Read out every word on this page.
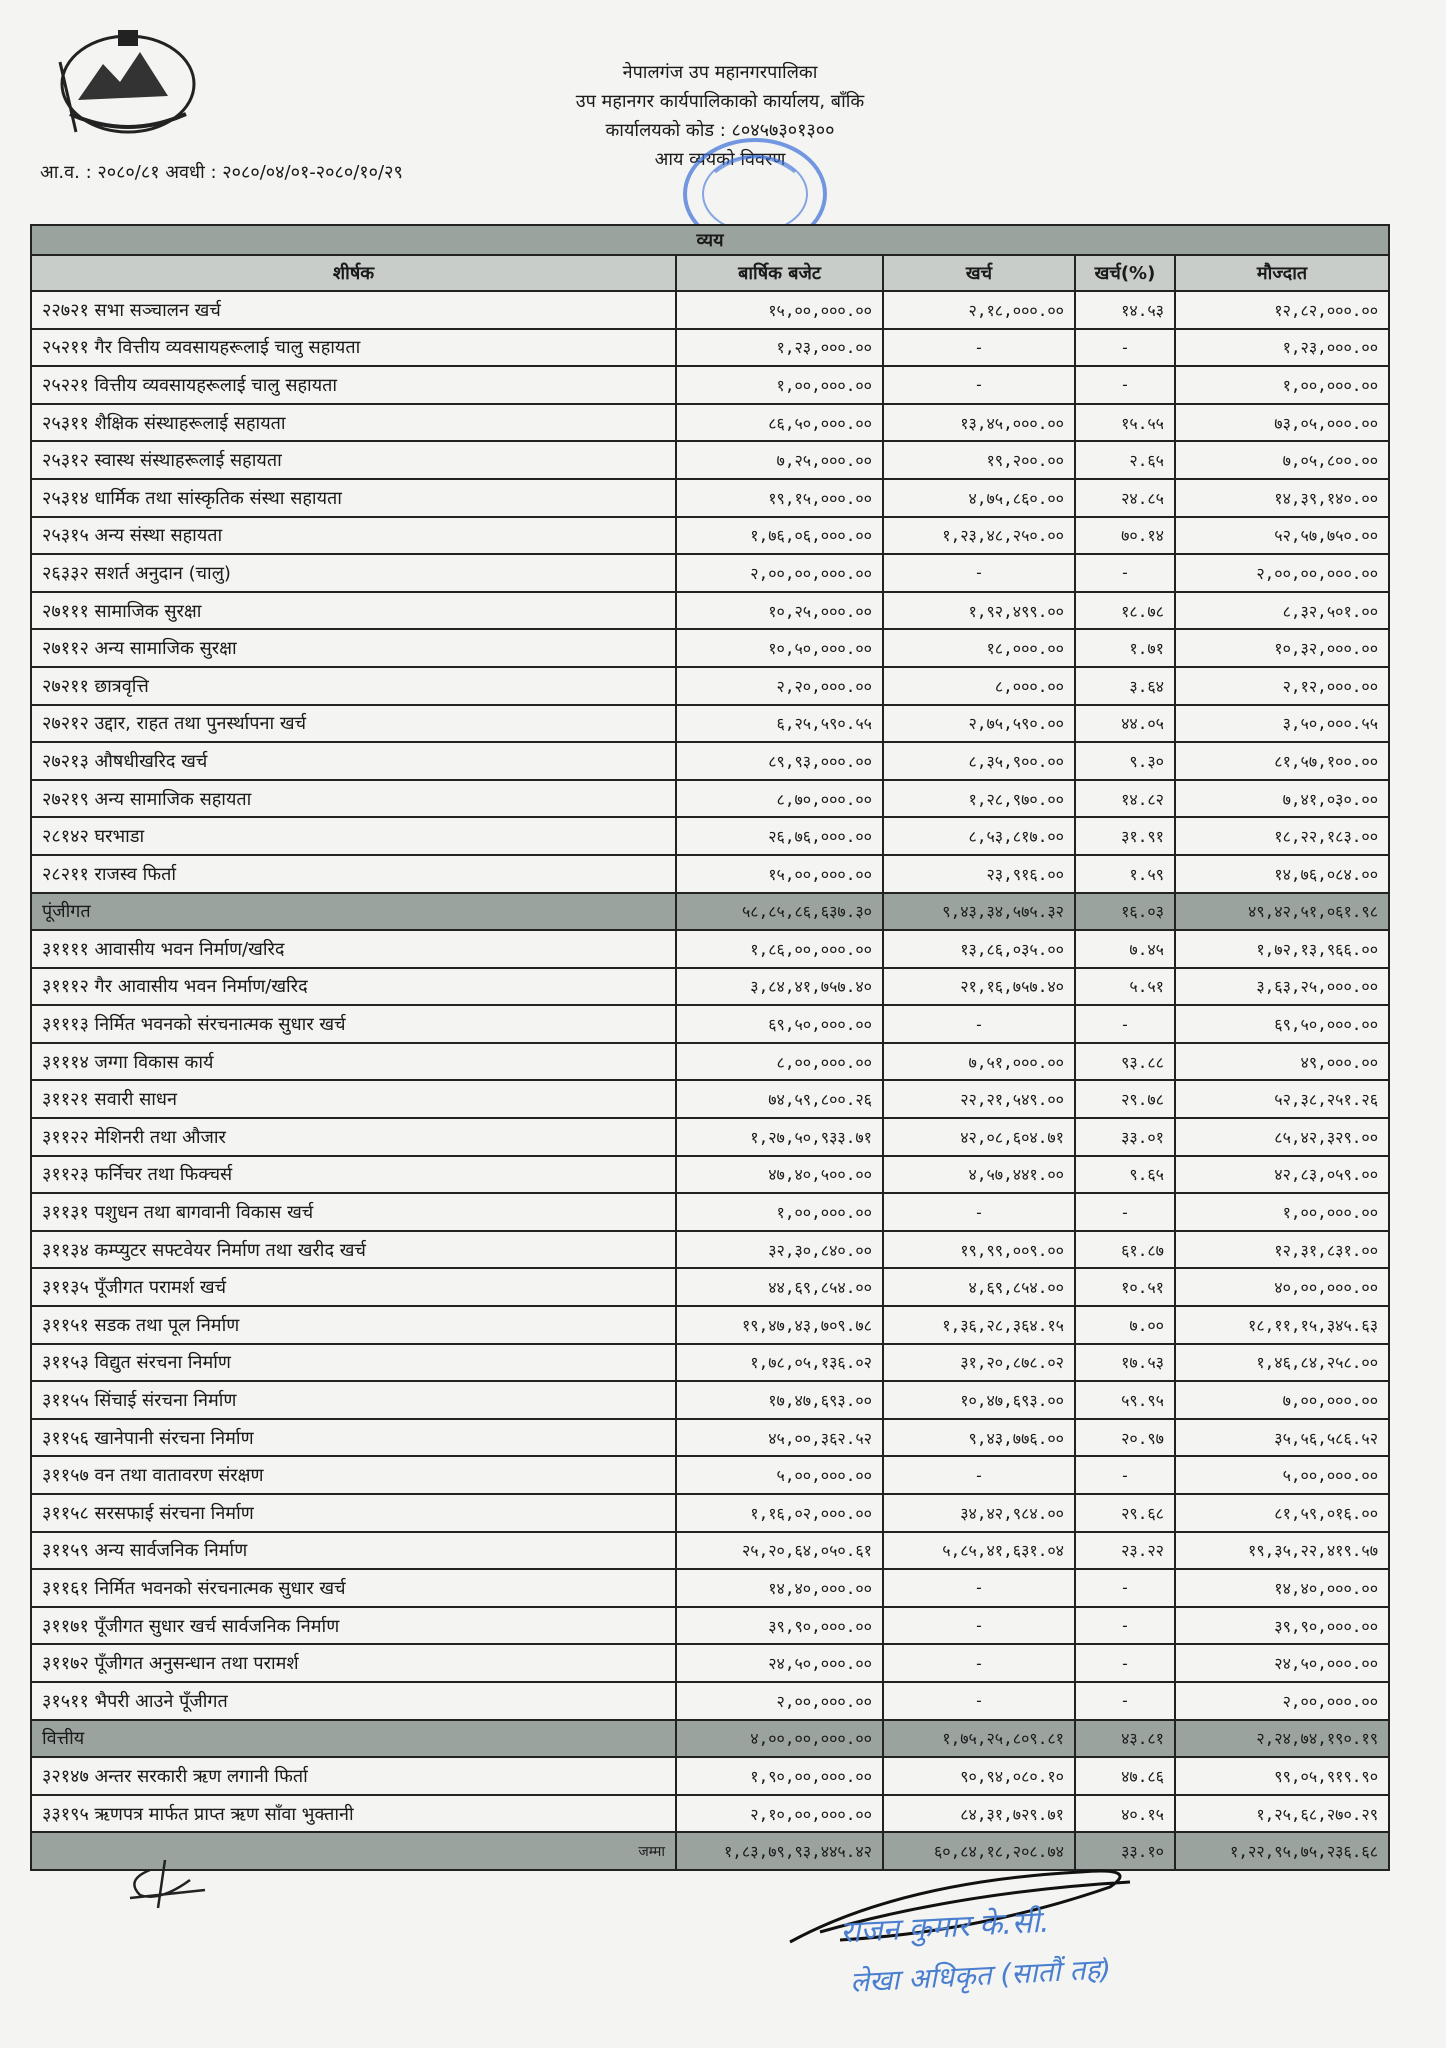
नेपालगंज उप महानगरपालिका
उप महानगर कार्यपालिकाको कार्यालय, बाँकि
कार्यालयको कोड : ८०४५७३०१३००
आय व्ययको विवरण
आ.व. : २०८०/८१ अवधी : २०८०/०४/०१-२०८०/१०/२९
व्यय				
शीर्षक	बार्षिक बजेट	खर्च	खर्च(%)	मौज्दात
२२७२१ सभा सञ्चालन खर्च	१५,००,०००.००	२,१८,०००.००	१४.५३	१२,८२,०००.००
२५२११ गैर वित्तीय व्यवसायहरूलाई चालु सहायता	१,२३,०००.००	-	-	१,२३,०००.००
२५२२१ वित्तीय व्यवसायहरूलाई चालु सहायता	१,००,०००.००	-	-	१,००,०००.००
२५३११ शैक्षिक संस्थाहरूलाई सहायता	८६,५०,०००.००	१३,४५,०००.००	१५.५५	७३,०५,०००.००
२५३१२ स्वास्थ संस्थाहरूलाई सहायता	७,२५,०००.००	१९,२००.००	२.६५	७,०५,८००.००
२५३१४ धार्मिक तथा सांस्कृतिक संस्था सहायता	१९,१५,०००.००	४,७५,८६०.००	२४.८५	१४,३९,१४०.००
२५३१५ अन्य संस्था सहायता	१,७६,०६,०००.००	१,२३,४८,२५०.००	७०.१४	५२,५७,७५०.००
२६३३२ सशर्त अनुदान (चालु)	२,००,००,०००.००	-	-	२,००,००,०००.००
२७१११ सामाजिक सुरक्षा	१०,२५,०००.००	१,९२,४९९.००	१८.७८	८,३२,५०१.००
२७११२ अन्य सामाजिक सुरक्षा	१०,५०,०००.००	१८,०००.००	१.७१	१०,३२,०००.००
२७२११ छात्रवृत्ति	२,२०,०००.००	८,०००.००	३.६४	२,१२,०००.००
२७२१२ उद्दार, राहत तथा पुनर्स्थापना खर्च	६,२५,५९०.५५	२,७५,५९०.००	४४.०५	३,५०,०००.५५
२७२१३ औषधीखरिद खर्च	८९,९३,०००.००	८,३५,९००.००	९.३०	८१,५७,१००.००
२७२१९ अन्य सामाजिक सहायता	८,७०,०००.००	१,२८,९७०.००	१४.८२	७,४१,०३०.००
२८१४२ घरभाडा	२६,७६,०००.००	८,५३,८१७.००	३१.९१	१८,२२,१८३.००
२८२११ राजस्व फिर्ता	१५,००,०००.००	२३,९१६.००	१.५९	१४,७६,०८४.००
पूंजीगत	५८,८५,८६,६३७.३०	९,४३,३४,५७५.३२	१६.०३	४९,४२,५१,०६१.९८
३११११ आवासीय भवन निर्माण/खरिद	१,८६,००,०००.००	१३,८६,०३५.००	७.४५	१,७२,१३,९६६.००
३१११२ गैर आवासीय भवन निर्माण/खरिद	३,८४,४१,७५७.४०	२१,१६,७५७.४०	५.५१	३,६३,२५,०००.००
३१११३ निर्मित भवनको संरचनात्मक सुधार खर्च	६९,५०,०००.००	-	-	६९,५०,०००.००
३१११४ जग्गा विकास कार्य	८,००,०००.००	७,५१,०००.००	९३.८८	४९,०००.००
३११२१ सवारी साधन	७४,५९,८००.२६	२२,२१,५४९.००	२९.७८	५२,३८,२५१.२६
३११२२ मेशिनरी तथा औजार	१,२७,५०,९३३.७१	४२,०८,६०४.७१	३३.०१	८५,४२,३२९.००
३११२३ फर्निचर तथा फिक्चर्स	४७,४०,५००.००	४,५७,४४१.००	९.६५	४२,८३,०५९.००
३११३१ पशुधन तथा बागवानी विकास खर्च	१,००,०००.००	-	-	१,००,०००.००
३११३४ कम्प्युटर सफ्टवेयर निर्माण तथा खरीद खर्च	३२,३०,८४०.००	१९,९९,००९.००	६१.८७	१२,३१,८३१.००
३११३५ पूँजीगत परामर्श खर्च	४४,६९,८५४.००	४,६९,८५४.००	१०.५१	४०,००,०००.००
३११५१ सडक तथा पूल निर्माण	१९,४७,४३,७०९.७८	१,३६,२८,३६४.१५	७.००	१८,११,१५,३४५.६३
३११५३ विद्युत संरचना निर्माण	१,७८,०५,१३६.०२	३१,२०,८७८.०२	१७.५३	१,४६,८४,२५८.००
३११५५ सिंचाई संरचना निर्माण	१७,४७,६९३.००	१०,४७,६९३.००	५९.९५	७,००,०००.००
३११५६ खानेपानी संरचना निर्माण	४५,००,३६२.५२	९,४३,७७६.००	२०.९७	३५,५६,५८६.५२
३११५७ वन तथा वातावरण संरक्षण	५,००,०००.००	-	-	५,००,०००.००
३११५८ सरसफाई संरचना निर्माण	१,१६,०२,०००.००	३४,४२,९८४.००	२९.६८	८१,५९,०१६.००
३११५९ अन्य सार्वजनिक निर्माण	२५,२०,६४,०५०.६१	५,८५,४१,६३१.०४	२३.२२	१९,३५,२२,४१९.५७
३११६१ निर्मित भवनको संरचनात्मक सुधार खर्च	१४,४०,०००.००	-	-	१४,४०,०००.००
३११७१ पूँजीगत सुधार खर्च सार्वजनिक निर्माण	३९,९०,०००.००	-	-	३९,९०,०००.००
३११७२ पूँजीगत अनुसन्धान तथा परामर्श	२४,५०,०००.००	-	-	२४,५०,०००.००
३१५११ भैपरी आउने पूँजीगत	२,००,०००.००	-	-	२,००,०००.००
वित्तीय	४,००,००,०००.००	१,७५,२५,८०९.८१	४३.८१	२,२४,७४,१९०.१९
३२१४७ अन्तर सरकारी ऋण लगानी फिर्ता	१,९०,००,०००.००	९०,९४,०८०.१०	४७.८६	९९,०५,९१९.९०
३३१९५ ऋणपत्र मार्फत प्राप्त ऋण साँवा भुक्तानी	२,१०,००,०००.००	८४,३१,७२९.७१	४०.१५	१,२५,६८,२७०.२९
जम्मा	१,८३,७९,९३,४४५.४२	६०,८४,१८,२०८.७४	३३.१०	१,२२,९५,७५,२३६.६८
राजन कुमार के.सी.
लेखा अधिकृत (सातौं तह)
